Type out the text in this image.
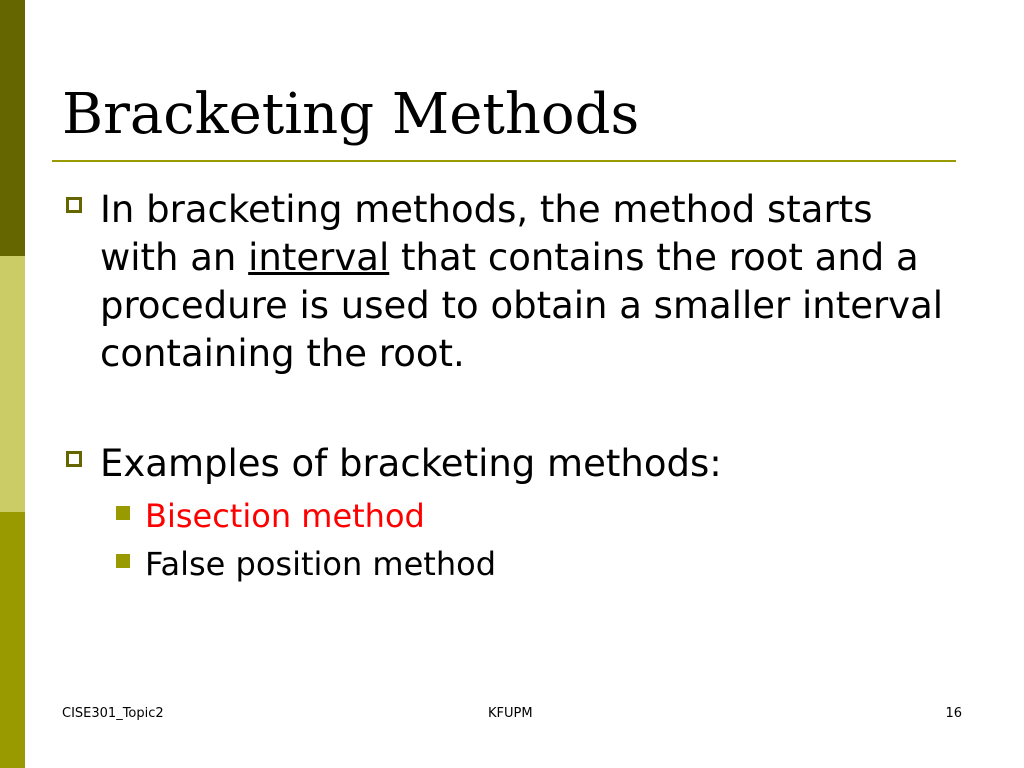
Bracketing Methods
In bracketing methods, the method starts
with an interval that contains the root and a
procedure is used to obtain a smaller interval
containing the root.
Examples of bracketing methods:
Bisection method
False position method
CISE301_Topic2	KFUPM	16
